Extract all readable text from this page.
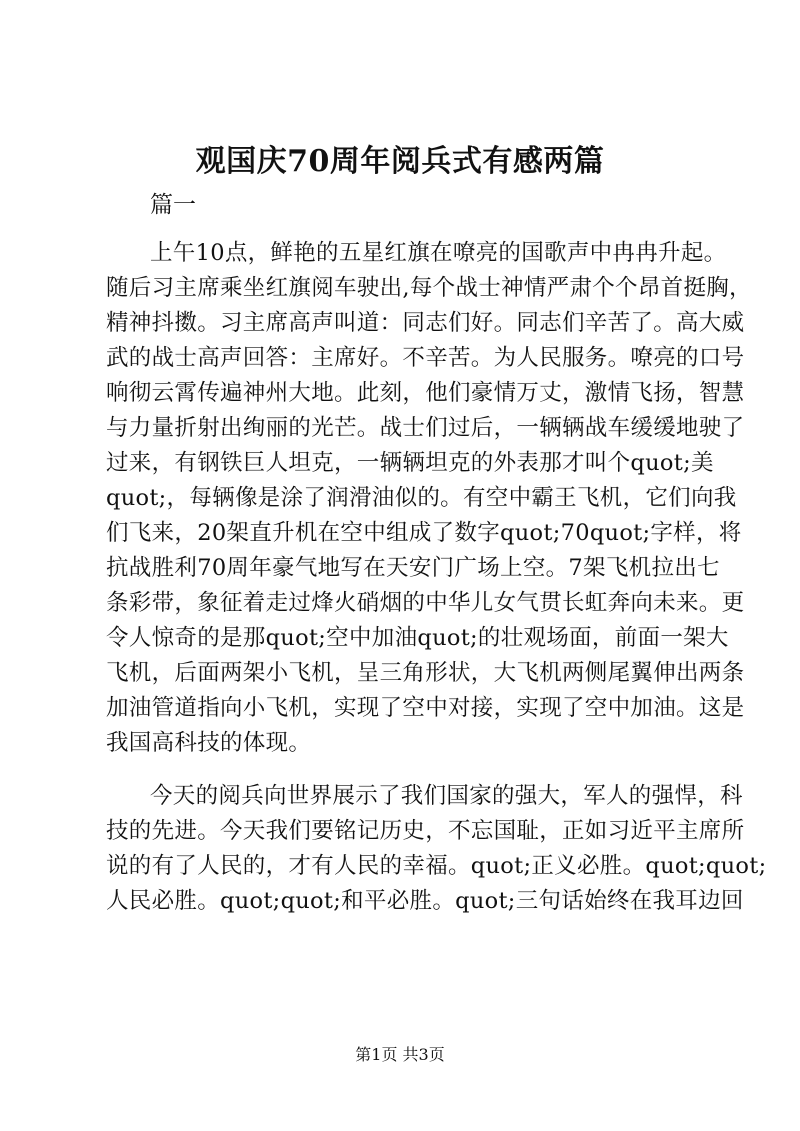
观国庆70周年阅兵式有感两篇
篇一
上午10点，鲜艳的五星红旗在嘹亮的国歌声中冉冉升起。
随后习主席乘坐红旗阅车驶出,每个战士神情严肃个个昂首挺胸，
精神抖擞。习主席高声叫道：同志们好。同志们辛苦了。高大威
武的战士高声回答：主席好。不辛苦。为人民服务。嘹亮的口号
响彻云霄传遍神州大地。此刻，他们豪情万丈，激情飞扬，智慧
与力量折射出绚丽的光芒。战士们过后，一辆辆战车缓缓地驶了
过来，有钢铁巨人坦克，一辆辆坦克的外表那才叫个quot;美
quot;，每辆像是涂了润滑油似的。有空中霸王飞机，它们向我
们飞来，20架直升机在空中组成了数字quot;70quot;字样，将
抗战胜利70周年豪气地写在天安门广场上空。7架飞机拉出七
条彩带，象征着走过烽火硝烟的中华儿女气贯长虹奔向未来。更
令人惊奇的是那quot;空中加油quot;的壮观场面，前面一架大
飞机，后面两架小飞机，呈三角形状，大飞机两侧尾翼伸出两条
加油管道指向小飞机，实现了空中对接，实现了空中加油。这是
我国高科技的体现。
今天的阅兵向世界展示了我们国家的强大，军人的强悍，科
技的先进。今天我们要铭记历史，不忘国耻，正如习近平主席所
说的有了人民的，才有人民的幸福。quot;正义必胜。quot;quot;
人民必胜。quot;quot;和平必胜。quot;三句话始终在我耳边回
第1页 共3页
